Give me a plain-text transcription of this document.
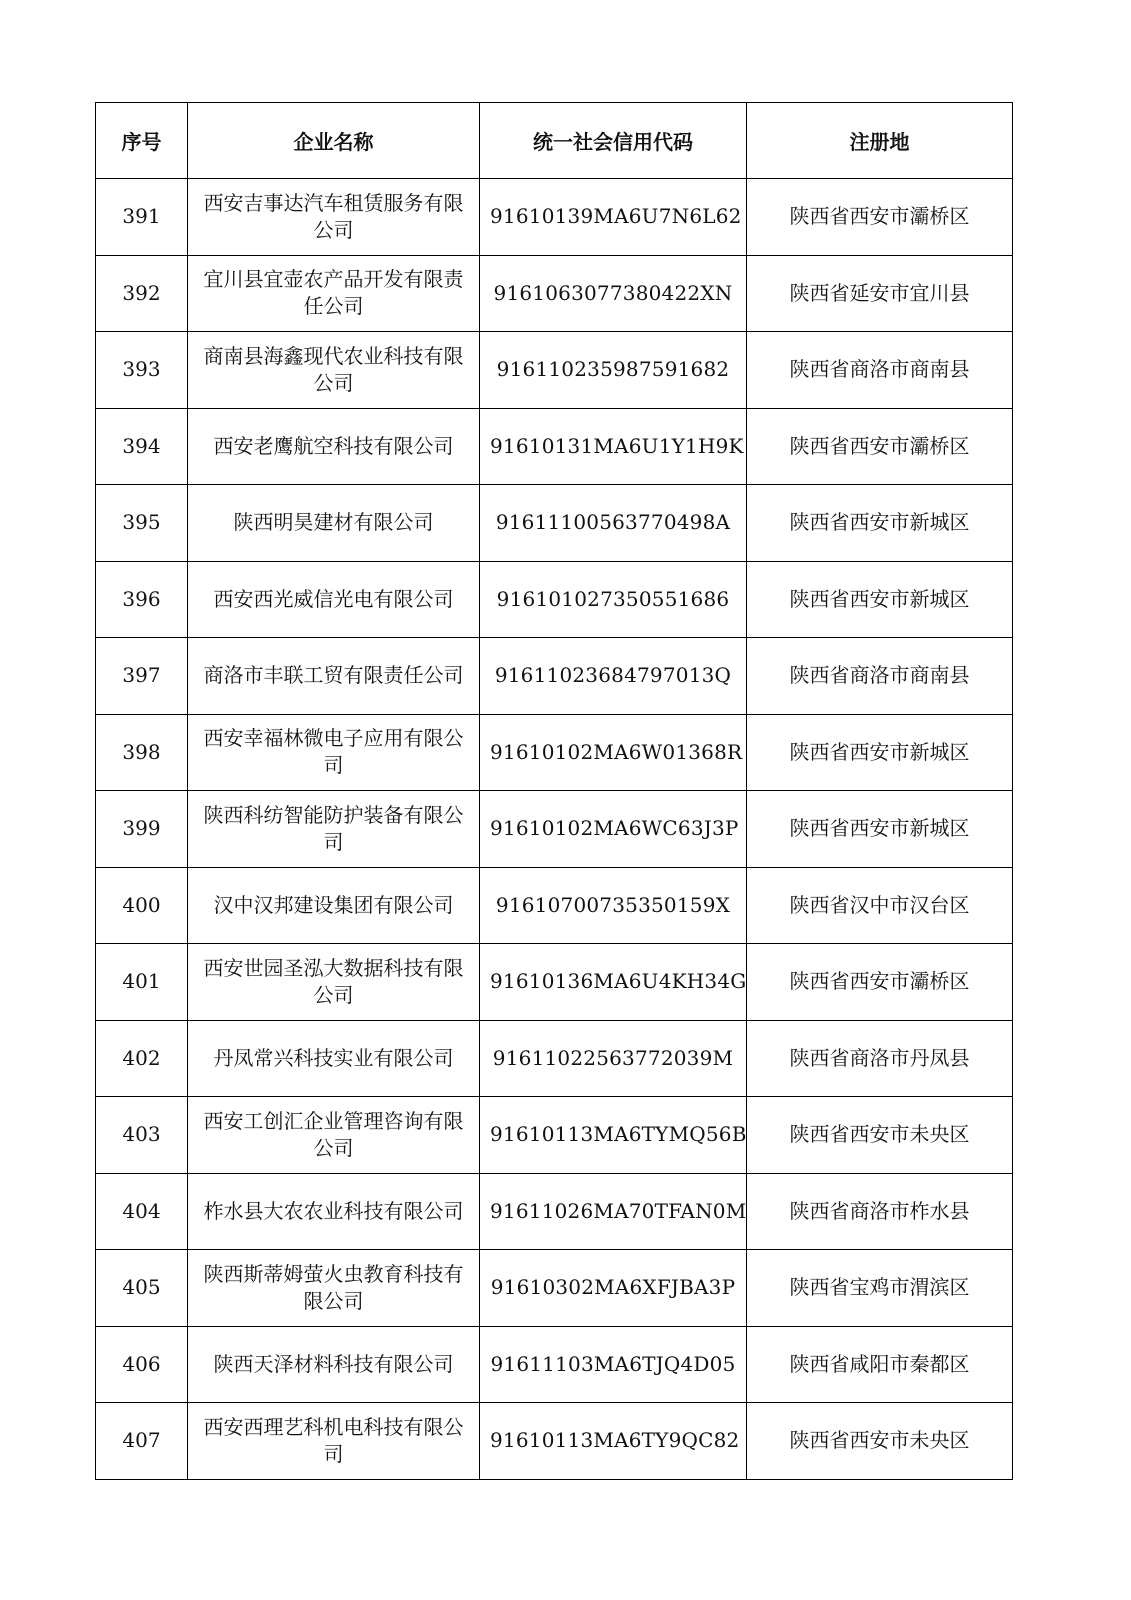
序号	企业名称	统一社会信用代码	注册地
391	西安吉事达汽车租赁服务有限公司	91610139MA6U7N6L62	陕西省西安市灞桥区
392	宜川县宜壶农产品开发有限责任公司	9161063077380422XN	陕西省延安市宜川县
393	商南县海鑫现代农业科技有限公司	916110235987591682	陕西省商洛市商南县
394	西安老鹰航空科技有限公司	91610131MA6U1Y1H9K	陕西省西安市灞桥区
395	陕西明昊建材有限公司	91611100563770498A	陕西省西安市新城区
396	西安西光威信光电有限公司	916101027350551686	陕西省西安市新城区
397	商洛市丰联工贸有限责任公司	91611023684797013Q	陕西省商洛市商南县
398	西安幸福林微电子应用有限公司	91610102MA6W01368R	陕西省西安市新城区
399	陕西科纺智能防护装备有限公司	91610102MA6WC63J3P	陕西省西安市新城区
400	汉中汉邦建设集团有限公司	91610700735350159X	陕西省汉中市汉台区
401	西安世园圣泓大数据科技有限公司	91610136MA6U4KH34G	陕西省西安市灞桥区
402	丹凤常兴科技实业有限公司	91611022563772039M	陕西省商洛市丹凤县
403	西安工创汇企业管理咨询有限公司	91610113MA6TYMQ56B	陕西省西安市未央区
404	柞水县大农农业科技有限公司	91611026MA70TFAN0M	陕西省商洛市柞水县
405	陕西斯蒂姆萤火虫教育科技有限公司	91610302MA6XFJBA3P	陕西省宝鸡市渭滨区
406	陕西天泽材料科技有限公司	91611103MA6TJQ4D05	陕西省咸阳市秦都区
407	西安西理艺科机电科技有限公司	91610113MA6TY9QC82	陕西省西安市未央区
